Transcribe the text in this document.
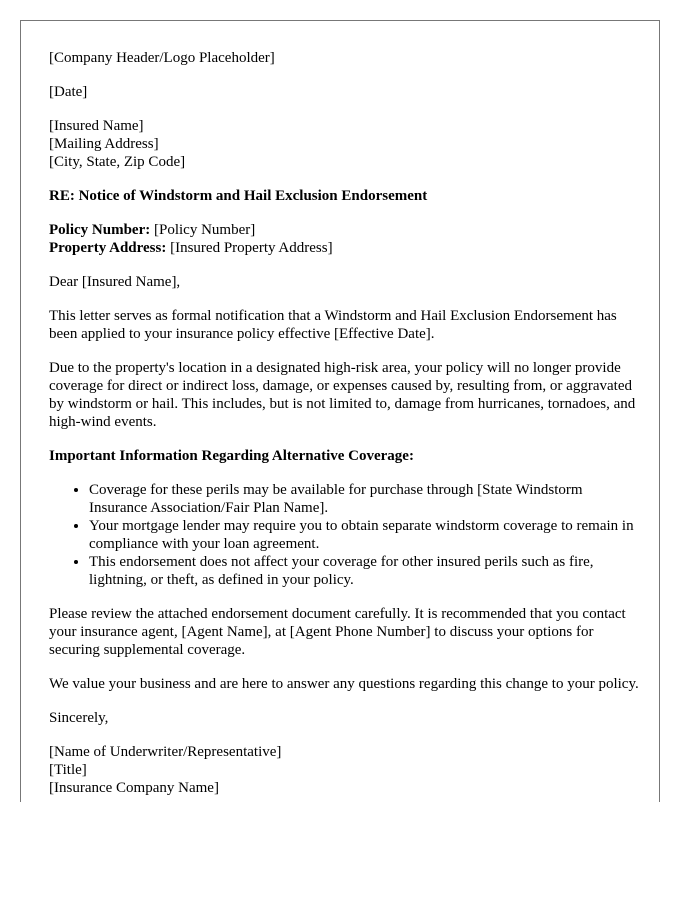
[Company Header/Logo Placeholder]

[Date]

[Insured Name]
[Mailing Address]
[City, State, Zip Code]

RE: Notice of Windstorm and Hail Exclusion Endorsement

Policy Number: [Policy Number]
Property Address: [Insured Property Address]

Dear [Insured Name],

This letter serves as formal notification that a Windstorm and Hail Exclusion Endorsement has been applied to your insurance policy effective [Effective Date].

Due to the property's location in a designated high-risk area, your policy will no longer provide coverage for direct or indirect loss, damage, or expenses caused by, resulting from, or aggravated by windstorm or hail. This includes, but is not limited to, damage from hurricanes, tornadoes, and high-wind events.

Important Information Regarding Alternative Coverage:

• Coverage for these perils may be available for purchase through [State Windstorm Insurance Association/Fair Plan Name].
• Your mortgage lender may require you to obtain separate windstorm coverage to remain in compliance with your loan agreement.
• This endorsement does not affect your coverage for other insured perils such as fire, lightning, or theft, as defined in your policy.

Please review the attached endorsement document carefully. It is recommended that you contact your insurance agent, [Agent Name], at [Agent Phone Number] to discuss your options for securing supplemental coverage.

We value your business and are here to answer any questions regarding this change to your policy.

Sincerely,

[Name of Underwriter/Representative]
[Title]
[Insurance Company Name]
